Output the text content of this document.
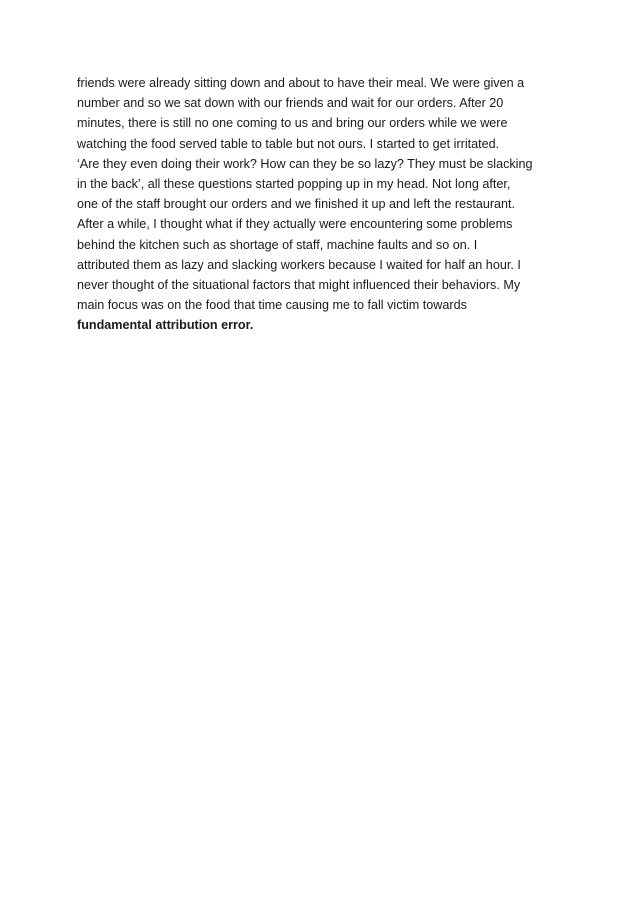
friends were already sitting down and about to have their meal. We were given a
number and so we sat down with our friends and wait for our orders. After 20
minutes, there is still no one coming to us and bring our orders while we were
watching the food served table to table but not ours. I started to get irritated.
‘Are they even doing their work? How can they be so lazy? They must be slacking
in the back’, all these questions started popping up in my head. Not long after,
one of the staff brought our orders and we finished it up and left the restaurant.
After a while, I thought what if they actually were encountering some problems
behind the kitchen such as shortage of staff, machine faults and so on. I
attributed them as lazy and slacking workers because I waited for half an hour. I
never thought of the situational factors that might influenced their behaviors. My
main focus was on the food that time causing me to fall victim towards
fundamental attribution error.
